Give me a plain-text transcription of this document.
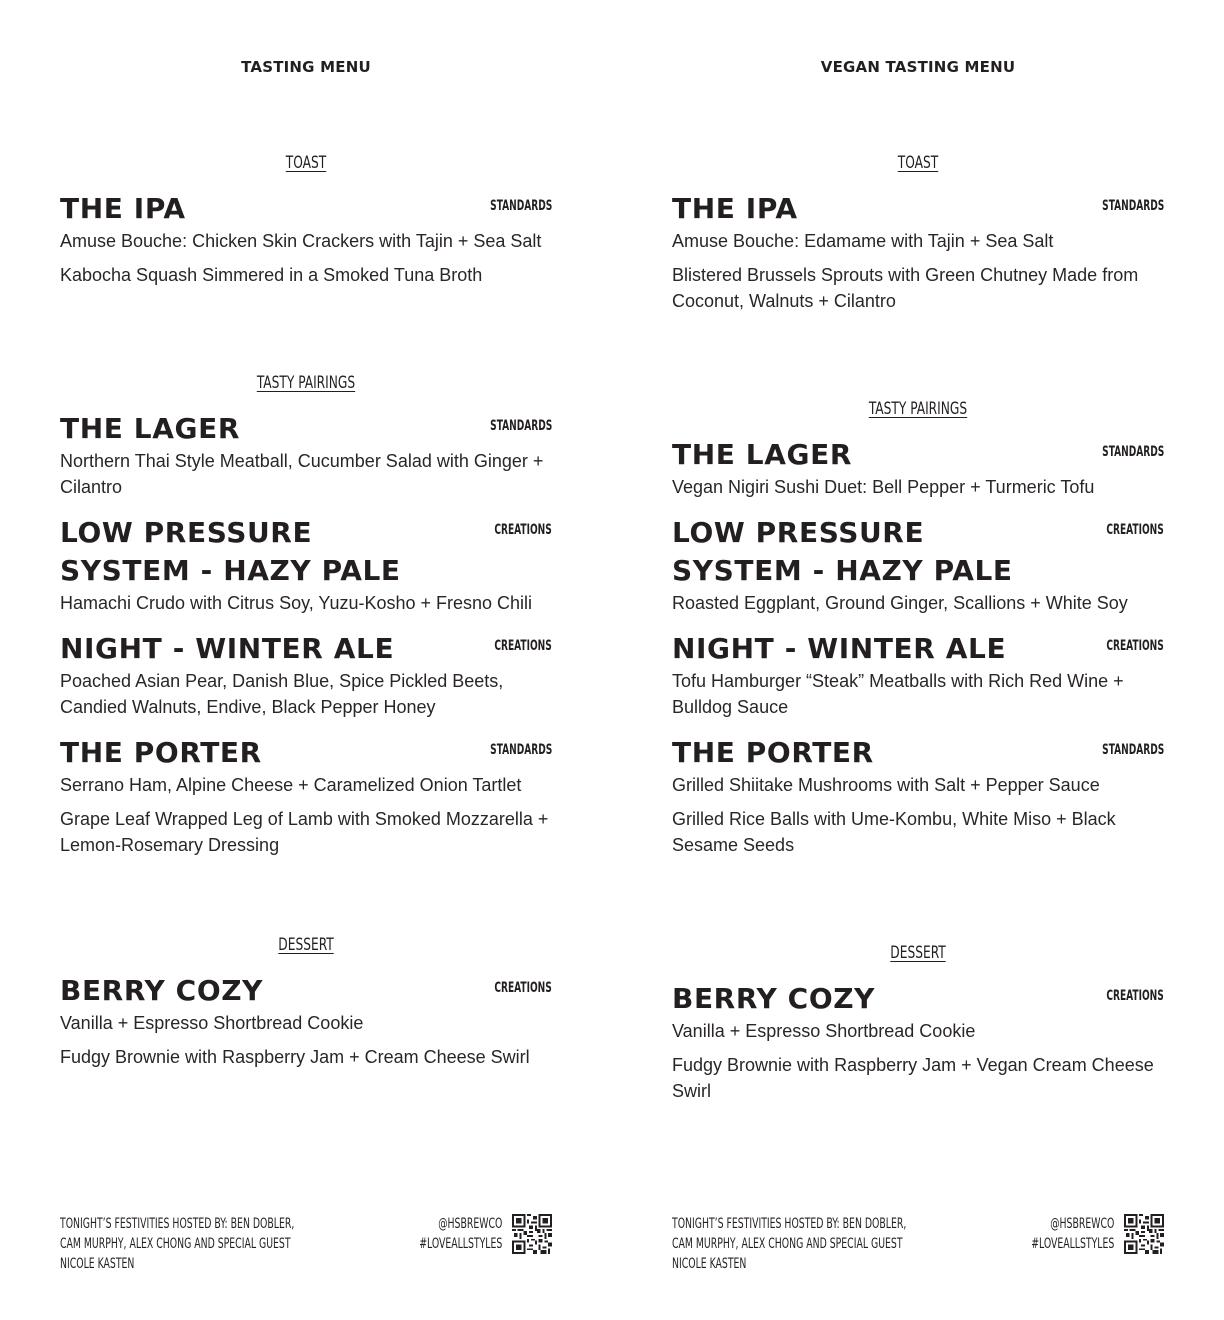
TASTING MENU
TOAST
THE IPA	STANDARDS
Amuse Bouche: Chicken Skin Crackers with Tajin + Sea Salt
Kabocha Squash Simmered in a Smoked Tuna Broth
TASTY PAIRINGS
THE LAGER	STANDARDS
Northern Thai Style Meatball, Cucumber Salad with Ginger + Cilantro
LOW PRESSURE SYSTEM - HAZY PALE
CREATIONS
Hamachi Crudo with Citrus Soy, Yuzu-Kosho + Fresno Chili
NIGHT - WINTER ALE	CREATIONS
Poached Asian Pear, Danish Blue, Spice Pickled Beets, Candied Walnuts, Endive, Black Pepper Honey
THE PORTER	STANDARDS
Serrano Ham, Alpine Cheese + Caramelized Onion Tartlet
Grape Leaf Wrapped Leg of Lamb with Smoked Mozzarella + Lemon-Rosemary Dressing
DESSERT
BERRY COZY	CREATIONS
Vanilla + Espresso Shortbread Cookie
Fudgy Brownie with Raspberry Jam + Cream Cheese Swirl
TONIGHT’S FESTIVITIES HOSTED BY: BEN DOBLER, CAM MURPHY, ALEX CHONG AND SPECIAL GUEST NICOLE KASTEN
@HSBREWCO
#LOVEALLSTYLES
VEGAN TASTING MENU
TOAST
THE IPA	STANDARDS
Amuse Bouche: Edamame with Tajin + Sea Salt
Blistered Brussels Sprouts with Green Chutney Made from Coconut, Walnuts + Cilantro
TASTY PAIRINGS
THE LAGER	STANDARDS
Vegan Nigiri Sushi Duet: Bell Pepper + Turmeric Tofu
LOW PRESSURE SYSTEM - HAZY PALE
CREATIONS
Roasted Eggplant, Ground Ginger, Scallions + White Soy
NIGHT - WINTER ALE	CREATIONS
Tofu Hamburger “Steak” Meatballs with Rich Red Wine + Bulldog Sauce
THE PORTER	STANDARDS
Grilled Shiitake Mushrooms with Salt + Pepper Sauce
Grilled Rice Balls with Ume-Kombu, White Miso + Black Sesame Seeds
DESSERT
BERRY COZY	CREATIONS
Vanilla + Espresso Shortbread Cookie
Fudgy Brownie with Raspberry Jam + Vegan Cream Cheese Swirl
TONIGHT’S FESTIVITIES HOSTED BY: BEN DOBLER, CAM MURPHY, ALEX CHONG AND SPECIAL GUEST NICOLE KASTEN
@HSBREWCO
#LOVEALLSTYLES
